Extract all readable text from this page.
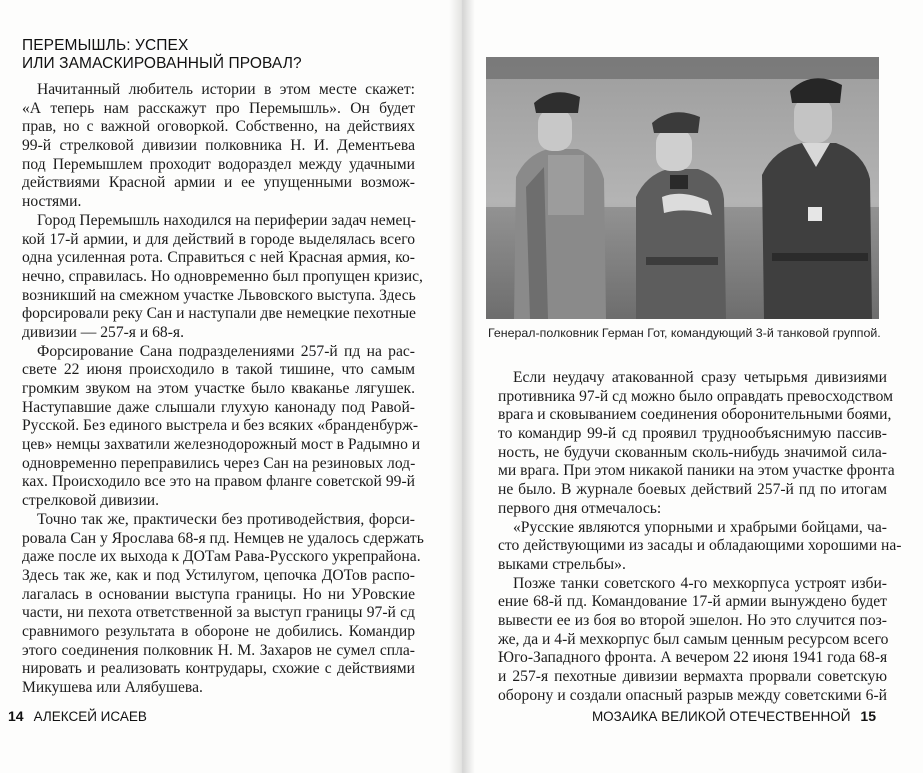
ПЕРЕМЫШЛЬ: УСПЕХ
ИЛИ ЗАМАСКИРОВАННЫЙ ПРОВАЛ?
Начитанный любитель истории в этом месте скажет:
«А теперь нам расскажут про Перемышль». Он будет
прав, но с важной оговоркой. Собственно, на действиях
99-й стрелковой дивизии полковника Н. И. Дементьева
под Перемышлем проходит водораздел между удачными
действиями Красной армии и ее упущенными возмож-
ностями.
Город Перемышль находился на периферии задач немец-
кой 17-й армии, и для действий в городе выделялась всего
одна усиленная рота. Справиться с ней Красная армия, ко-
нечно, справилась. Но одновременно был пропущен кризис,
возникший на смежном участке Львовского выступа. Здесь
форсировали реку Сан и наступали две немецкие пехотные
дивизии — 257-я и 68-я.
Форсирование Сана подразделениями 257-й пд на рас-
свете 22 июня происходило в такой тишине, что самым
громким звуком на этом участке было кваканье лягушек.
Наступавшие даже слышали глухую канонаду под Равой-
Русской. Без единого выстрела и без всяких «бранденбурж-
цев» немцы захватили железнодорожный мост в Радымно и
одновременно переправились через Сан на резиновых лод-
ках. Происходило все это на правом фланге советской 99-й
стрелковой дивизии.
Точно так же, практически без противодействия, форси-
ровала Сан у Ярослава 68-я пд. Немцев не удалось сдержать
даже после их выхода к ДОТам Рава-Русского укрепрайона.
Здесь так же, как и под Устилугом, цепочка ДОТов распо-
лагалась в основании выступа границы. Но ни УРовские
части, ни пехота ответственной за выступ границы 97-й сд
сравнимого результата в обороне не добились. Командир
этого соединения полковник Н. М. Захаров не сумел спла-
нировать и реализовать контрудары, схожие с действиями
Микушева или Алябушева.
14 АЛЕКСЕЙ ИСАЕВ
Генерал-полковник Герман Гот, командующий 3-й танковой группой.
Если неудачу атакованной сразу четырьмя дивизиями
противника 97-й сд можно было оправдать превосходством
врага и сковыванием соединения оборонительными боями,
то командир 99-й сд проявил труднообъяснимую пассив-
ность, не будучи скованным сколь-нибудь значимой сила-
ми врага. При этом никакой паники на этом участке фронта
не было. В журнале боевых действий 257-й пд по итогам
первого дня отмечалось:
«Русские являются упорными и храбрыми бойцами, ча-
сто действующими из засады и обладающими хорошими на-
выками стрельбы».
Позже танки советского 4-го мехкорпуса устроят изби-
ение 68-й пд. Командование 17-й армии вынуждено будет
вывести ее из боя во второй эшелон. Но это случится поз-
же, да и 4-й мехкорпус был самым ценным ресурсом всего
Юго-Западного фронта. А вечером 22 июня 1941 года 68-я
и 257-я пехотные дивизии вермахта прорвали советскую
оборону и создали опасный разрыв между советскими 6-й
МОЗАИКА ВЕЛИКОЙ ОТЕЧЕСТВЕННОЙ 15
